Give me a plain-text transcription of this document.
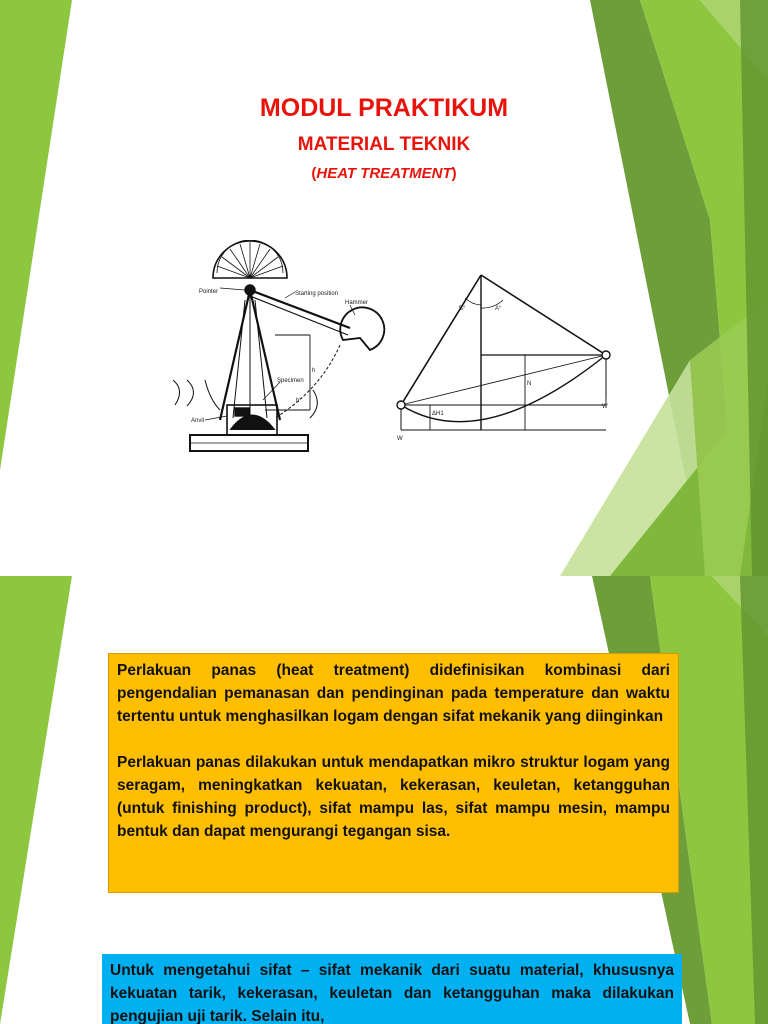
MODUL PRAKTIKUM
MATERIAL TEKNIK
(HEAT TREATMENT)
Pointer	Starting position
Hammer
Specimen
Anvil
h
h'
B°	A°
N
W
W
ΔH1

Perlakuan panas (heat treatment) didefinisikan kombinasi dari pengendalian pemanasan dan pendinginan pada temperature dan waktu tertentu untuk menghasilkan logam dengan sifat mekanik yang diinginkan

Perlakuan panas dilakukan untuk mendapatkan mikro struktur logam yang seragam, meningkatkan kekuatan, kekerasan, keuletan, ketangguhan (untuk finishing product), sifat mampu las, sifat mampu mesin, mampu bentuk dan dapat mengurangi tegangan sisa.

Untuk mengetahui sifat – sifat mekanik dari suatu material, khususnya kekuatan tarik, kekerasan, keuletan dan ketangguhan maka dilakukan pengujian uji tarik. Selain itu,
